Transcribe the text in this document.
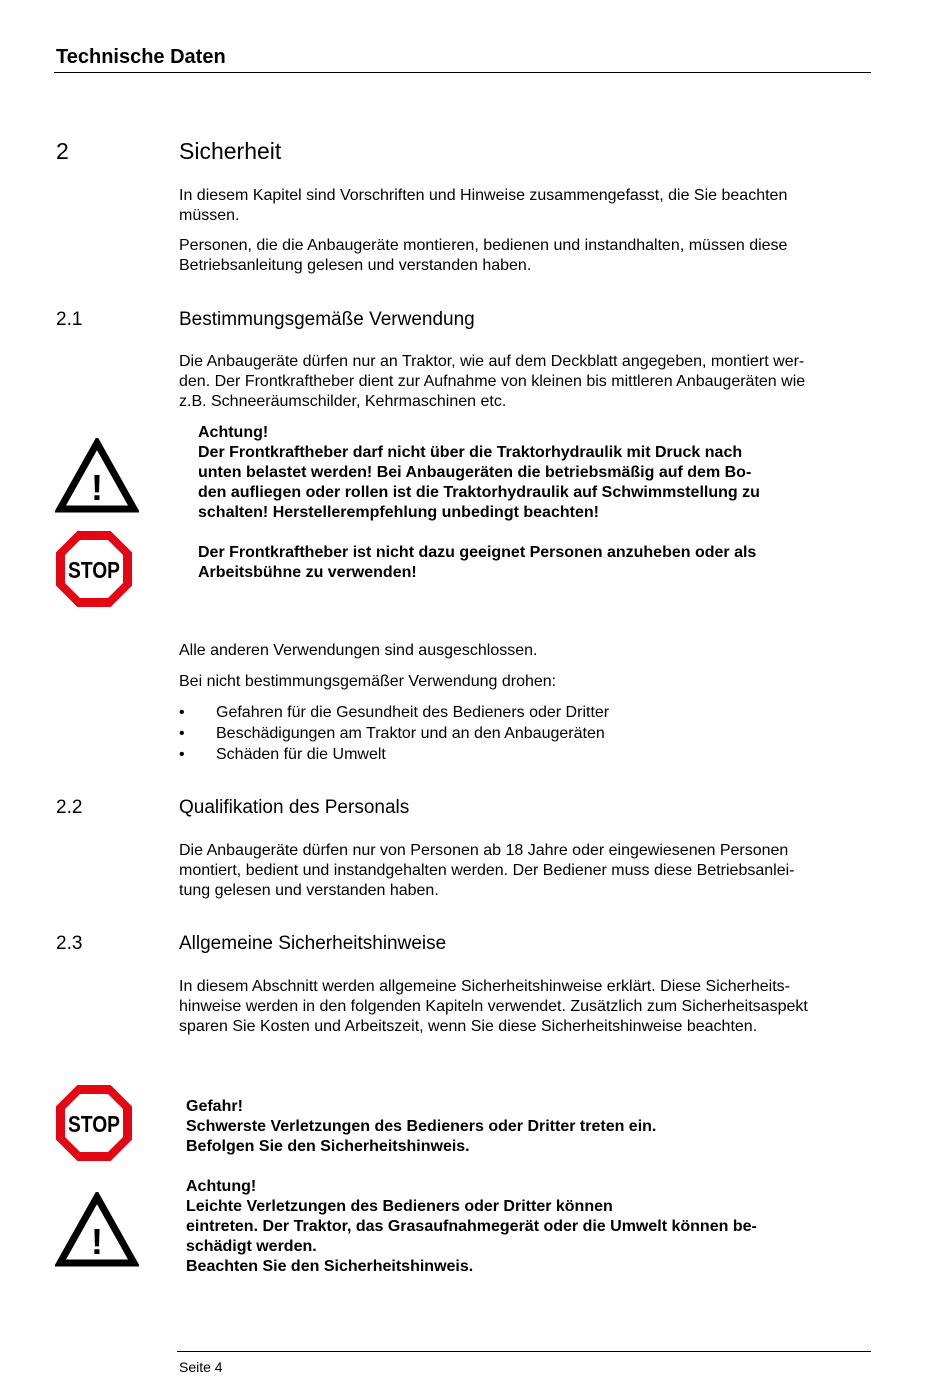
Technische Daten
2	Sicherheit
In diesem Kapitel sind Vorschriften und Hinweise zusammengefasst, die Sie beachten
müssen.
Personen, die die Anbaugeräte montieren, bedienen und instandhalten, müssen diese
Betriebsanleitung gelesen und verstanden haben.
2.1	Bestimmungsgemäße Verwendung
Die Anbaugeräte dürfen nur an Traktor, wie auf dem Deckblatt angegeben, montiert wer-
den. Der Frontkraftheber dient zur Aufnahme von kleinen bis mittleren Anbaugeräten wie
z.B. Schneeräumschilder, Kehrmaschinen etc.
!
Achtung!
Der Frontkraftheber darf nicht über die Traktorhydraulik mit Druck nach
unten belastet werden! Bei Anbaugeräten die betriebsmäßig auf dem Bo-
den aufliegen oder rollen ist die Traktorhydraulik auf Schwimmstellung zu
schalten! Herstellerempfehlung unbedingt beachten!
STOP
Der Frontkraftheber ist nicht dazu geeignet Personen anzuheben oder als
Arbeitsbühne zu verwenden!
Alle anderen Verwendungen sind ausgeschlossen.
Bei nicht bestimmungsgemäßer Verwendung drohen:
• Gefahren für die Gesundheit des Bedieners oder Dritter
• Beschädigungen am Traktor und an den Anbaugeräten
• Schäden für die Umwelt
2.2	Qualifikation des Personals
Die Anbaugeräte dürfen nur von Personen ab 18 Jahre oder eingewiesenen Personen
montiert, bedient und instandgehalten werden. Der Bediener muss diese Betriebsanlei-
tung gelesen und verstanden haben.
2.3	Allgemeine Sicherheitshinweise
In diesem Abschnitt werden allgemeine Sicherheitshinweise erklärt. Diese Sicherheits-
hinweise werden in den folgenden Kapiteln verwendet. Zusätzlich zum Sicherheitsaspekt
sparen Sie Kosten und Arbeitszeit, wenn Sie diese Sicherheitshinweise beachten.
STOP
Gefahr!
Schwerste Verletzungen des Bedieners oder Dritter treten ein.
Befolgen Sie den Sicherheitshinweis.
!
Achtung!
Leichte Verletzungen des Bedieners oder Dritter können
eintreten. Der Traktor, das Grasaufnahmegerät oder die Umwelt können be-
schädigt werden.
Beachten Sie den Sicherheitshinweis.
Seite 4
